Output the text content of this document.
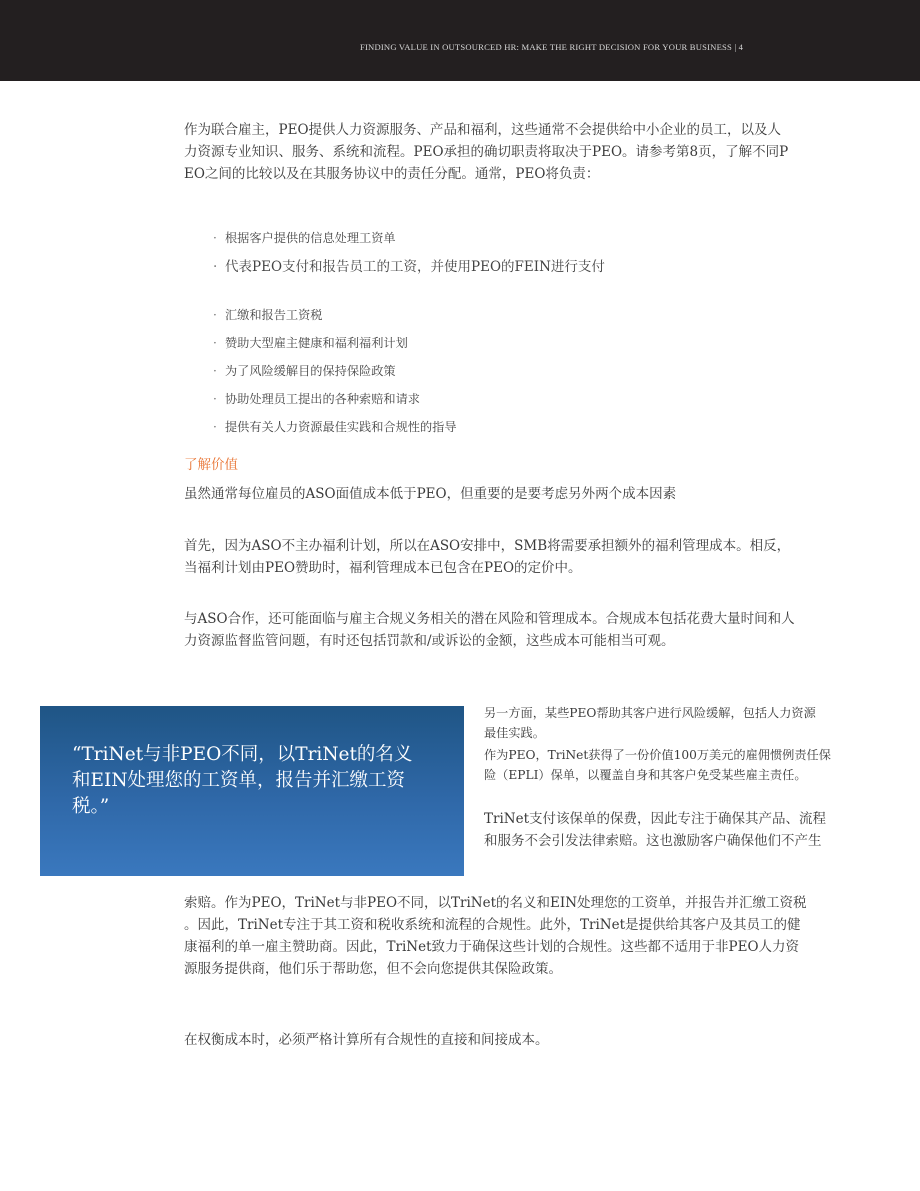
FINDING VALUE IN OUTSOURCED HR: MAKE THE RIGHT DECISION FOR YOUR BUSINESS | 4

作为联合雇主，PEO提供人力资源服务、产品和福利，这些通常不会提供给中小企业的员工，以及人
力资源专业知识、服务、系统和流程。PEO承担的确切职责将取决于PEO。请参考第8页，了解不同P
EO之间的比较以及在其服务协议中的责任分配。通常，PEO将负责：

· 根据客户提供的信息处理工资单
· 代表PEO支付和报告员工的工资，并使用PEO的FEIN进行支付
· 汇缴和报告工资税
· 赞助大型雇主健康和福利福利计划
· 为了风险缓解目的保持保险政策
· 协助处理员工提出的各种索赔和请求
· 提供有关人力资源最佳实践和合规性的指导
了解价值

虽然通常每位雇员的ASO面值成本低于PEO，但重要的是要考虑另外两个成本因素

首先，因为ASO不主办福利计划，所以在ASO安排中，SMB将需要承担额外的福利管理成本。相反，
当福利计划由PEO赞助时，福利管理成本已包含在PEO的定价中。

与ASO合作，还可能面临与雇主合规义务相关的潜在风险和管理成本。合规成本包括花费大量时间和人
力资源监督监管问题，有时还包括罚款和/或诉讼的金额，这些成本可能相当可观。

“TriNet与非PEO不同，以TriNet的名义
和EIN处理您的工资单，报告并汇缴工资
税。”

另一方面，某些PEO帮助其客户进行风险缓解，包括人力资源
最佳实践。

作为PEO，TriNet获得了一份价值100万美元的雇佣惯例责任保
险（EPLI）保单，以覆盖自身和其客户免受某些雇主责任。

TriNet支付该保单的保费，因此专注于确保其产品、流程
和服务不会引发法律索赔。这也激励客户确保他们不产生

索赔。作为PEO，TriNet与非PEO不同，以TriNet的名义和EIN处理您的工资单，并报告并汇缴工资税
。因此，TriNet专注于其工资和税收系统和流程的合规性。此外，TriNet是提供给其客户及其员工的健
康福利的单一雇主赞助商。因此，TriNet致力于确保这些计划的合规性。这些都不适用于非PEO人力资
源服务提供商，他们乐于帮助您，但不会向您提供其保险政策。

在权衡成本时，必须严格计算所有合规性的直接和间接成本。
